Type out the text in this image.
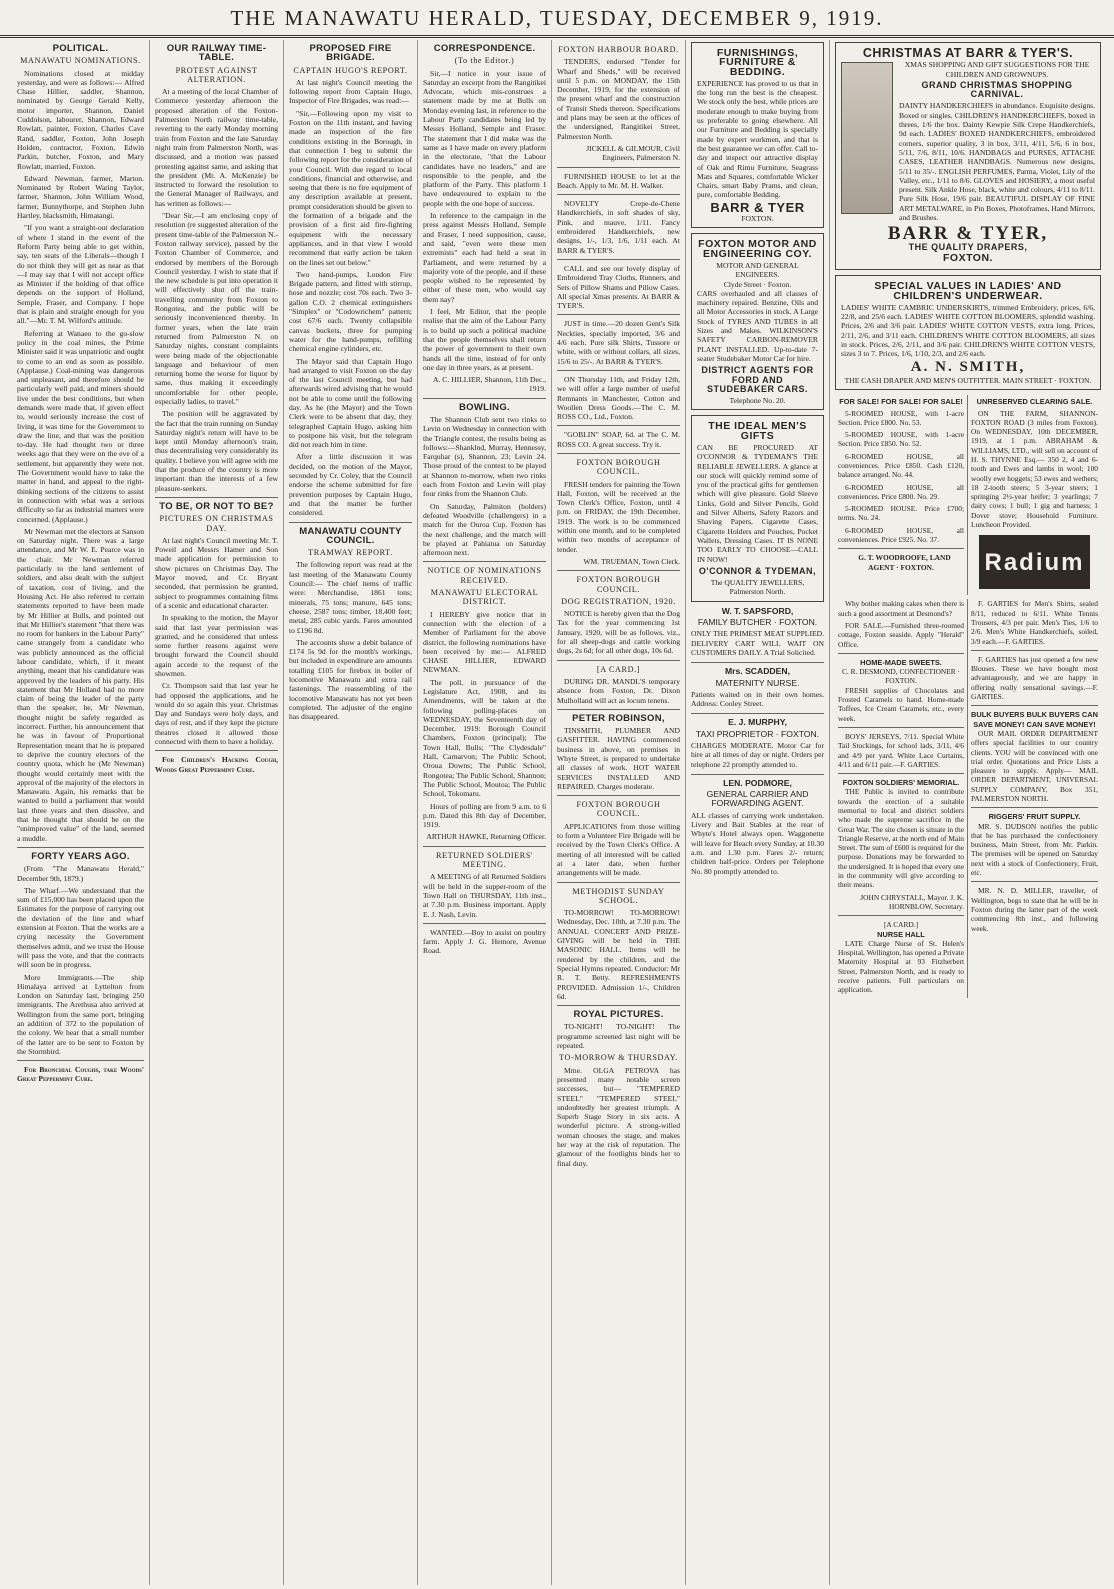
THE MANAWATU HERALD, TUESDAY, DECEMBER 9, 1919.
POLITICAL.
MANAWATU NOMINATIONS.

Nominations closed at midday yesterday, and were as follows:— Alfred Chase Hillier, saddler, Shannon, nominated by George Gerald Kelly, motor importer, Shannon, Daniel Cuddolson, labourer, Shannon, Edward Rowlatt, painter, Foxton, Charles Cave Rand, saddler, Foxton, John Joseph Holden, contractor, Foxton, Edwin Parkin, butcher, Foxton, and Mary Rowlatt, married, Foxton.

Edward Newman, farmer, Marton. Nominated by Robert Waring Taylor, farmer, Shannon, John William Wood, farmer, Bunnythorpe, and Stephen John Hartley, blacksmith, Himatangi.

"If you want a straight-out declaration of where I stand in the event of the Reform Party being able to get within, say, ten seats of the Liberals—though I do not think they will get as near as that—I may say that I will not accept office as Minister if the holding of that office depends on the support of Holland, Semple, Fraser, and Company. I hope that is plain and straight enough for you all."—Mr. T. M. Wilford's attitude.

Referring at Wanaeo to the go-slow policy in the coal mines, the Prime Minister said it was unpatriotic and ought to come to an end as soon as possible. (Applause.) Coal-mining was dangerous and unpleasant, and therefore should be particularly well paid, and miners should live under the best conditions, but when demands were made that, if given effect to, would seriously increase the cost of living, it was time for the Government to draw the line, and that was the position to-day. He had thought two or three weeks ago that they were on the eve of a settlement, but apparently they were not. The Government would have to take the matter in hand, and appeal to the right-thinking sections of the citizens to assist in connection with what was a serious difficulty so far as industrial matters were concerned. (Applause.)

Mr Newman met the electors at Sanson on Saturday night. There was a large attendance, and Mr W. E. Pearce was in the chair. Mr Newman referred particularly to the land settlement of soldiers, and also dealt with the subject of taxation, cost of living, and the Housing Act. He also referred to certain statements reported to have been made by Mr Hillier at Bulls, and pointed out that Mr Hillier's statement "that there was no room for bankers in the Labour Party" came strangely from a candidate who was publicly announced as the official labour candidate, which, if it meant anything, meant that his candidature was approved by the leaders of his party. His statement that Mr Holland had no more claim of being the leader of the party than the speaker, he, Mr Newman, thought might be safely regarded as incorrect. Further, his announcement that he was in favour of Proportional Representation meant that he is prepared to deprive the country electors of the country quota, which he (Mr Newman) thought would certainly meet with the approval of the majority of the electors in Manawatu. Again, his remarks that he wanted to build a parliament that would last three years and then dissolve, and that he thought that should be on the "unimproved value" of the land, seemed a muddle.

FORTY YEARS AGO.

(From "The Manawatu Herald," December 9th, 1879.)

The Wharf.—We understand that the sum of £15,000 has been placed upon the Estimates for the purpose of carrying out the deviation of the line and wharf extension at Foxton. That the works are a crying necessity the Government themselves admit, and we trust the House will pass the vote, and that the contracts will soon be in progress.

More Immigrants.—The ship Himalaya arrived at Lyttelton from London on Saturday last, bringing 250 immigrants. The Arethusa also arrived at Wellington from the same port, bringing an addition of 372 to the population of the colony. We hear that a small number of the latter are to be sent to Foxton by the Stormbird.

For Bronchial Coughs, take Woods' Great Peppermint Cure.

OUR RAILWAY TIME-TABLE.
PROTEST AGAINST ALTERATION.

At a meeting of the local Chamber of Commerce yesterday afternoon the proposed alteration of the Foxton-Palmerston North railway time-table, reverting to the early Monday morning train from Foxton and the late Saturday night train from Palmerston North, was discussed, and a motion was passed protesting against same, and asking that the president (Mr. A. McKenzie) be instructed to forward the resolution to the General Manager of Railways, and has written as follows:—

"Dear Sir,—I am enclosing copy of resolution (re suggested alteration of the present time-table of the Palmerston N.-Foxton railway service), passed by the Foxton Chamber of Commerce, and endorsed by members of the Borough Council yesterday. I wish to state that if the new schedule is put into operation it will effectively shut off the train-travelling community from Foxton to Rongotea, and the public will be seriously inconvenienced thereby. In former years, when the late train returned from Palmerston N. on Saturday nights, constant complaints were being made of the objectionable language and behaviour of men returning home the worse for liquor by same, thus making it exceedingly uncomfortable for other people, especially ladies, to travel."

The position will be aggravated by the fact that the train running on Sunday Saturday night's return will have to be kept until Monday afternoon's train, thus decentralising very considerably its quality. I believe you will agree with me that the produce of the country is more important than the interests of a few pleasure-seekers.

TO BE, OR NOT TO BE?
PICTURES ON CHRISTMAS DAY.

At last night's Council meeting Mr. T. Poweil and Messrs Hamer and Son made application for permission to show pictures on Christmas Day. The Mayor moved, and Cr. Bryant seconded, that permission be granted, subject to programmes containing films of a scenic and educational character.

In speaking to the motion, the Mayor said that last year permission was granted, and he considered that unless some further reasons against were brought forward the Council should again accede to the request of the showmen.

Cr. Thompson said that last year he had opposed the applications, and he would do so again this year. Christmas Day and Sundays were holy days, and days of rest, and if they kept the picture theatres closed it allowed those connected with them to have a holiday.

For Children's Hacking Cough, Woods Great Peppermint Cure.

PROPOSED FIRE BRIGADE.
CAPTAIN HUGO'S REPORT.

At last night's Council meeting the following report from Captain Hugo, Inspector of Fire Brigades, was read:—

"Sir,—Following upon my visit to Foxton on the 11th instant, and having made an inspection of the fire conditions existing in the Borough, in that connection I beg to submit the following report for the consideration of your Council. With due regard to local conditions, financial and otherwise, and seeing that there is no fire equipment of any description available at present, prompt consideration should be given to the formation of a brigade and the provision of a first aid fire-fighting equipment with the necessary appliances, and in that view I would recommend that early action be taken on the lines set out below."

Two hand-pumps, London Fire Brigade pattern, and fitted with stirrup, hose and nozzle; cost 70s each. Two 3-gallon C.O. 2 chemical extinguishers "Simplex" or "Codowrichem" pattern; cost 67/6 each. Twenty collapsible canvas buckets, three for pumping water for the hand-pumps, refilling chemical engine cylinders, etc.

The Mayor said that Captain Hugo had arranged to visit Foxton on the day of the last Council meeting, but had afterwards wired advising that he would not be able to come until the following day. As he (the Mayor) and the Town Clerk were to be absent that day, they telegraphed Captain Hugo, asking him to postpone his visit, but the telegram did not reach him in time.

After a little discussion it was decided, on the motion of the Mayor, seconded by Cr. Coley, that the Council endorse the scheme submitted for fire prevention purposes by Captain Hugo, and that the matter be further considered.

MANAWATU COUNTY COUNCIL.
TRAMWAY REPORT.

The following report was read at the last meeting of the Manawatu County Council:— The chief items of traffic were: Merchandise, 1861 tons; minerals, 75 tons; manure, 645 tons; cheese, 2587 tons; timber, 18,400 feet; metal, 285 cubic yards. Fares amounted to £196 8d.

The accounts show a debit balance of £174 5s 9d for the month's workings, but included in expenditure are amounts totalling £105 for firebox in boiler of locomotive Manawatu and extra rail fastenings. The reassembling of the locomotive Manawatu has not yet been completed. The adjuster of the engine has disappeared.

CORRESPONDENCE.
(To the Editor.)

Sir,—I notice in your issue of Saturday an excerpt from the Rangitikei Advocate, which mis-construes a statement made by me at Bulls on Monday evening last, in reference to the Labour Party candidates being led by Messrs Holland, Semple and Fraser. The statement that I did make was the same as I have made on every platform in the electorate, "that the Labour candidates have no leaders," and are responsible to the people, and the platform of the Party. This platform I have endeavoured to explain to the people with the one hope of success.

In reference to the campaign in the press against Messrs Holland, Semple and Fraser, I need supposition, cause, and said, "even were these men extremists" each had held a seat in Parliament, and were returned by a majority vote of the people, and if these people wished to be represented by either of these men, who would say them nay?

I feel, Mr Editor, that the people realise that the aim of the Labour Party is to build up such a political machine that the people themselves shall return the power of government to their own hands all the time, instead of for only one day in three years, as at present.

A. C. HILLIER, Shannon, 11th Dec., 1919.

BOWLING.

The Shannon Club sent two rinks to Levin on Wednesday in connection with the Triangle contest, the results being as follows:—Shanklnd, Murray, Hennessy, Farquhar (s), Shannon, 23; Levin 24. Those proud of the contest to be played at Shannon to-morrow, when two rinks each from Foxton and Levin will play four rinks from the Shannon Club.

On Saturday, Palmiton (holders) defeated Woodville (challengers) in a match for the Ouroa Cup. Foxton has the next challenge, and the match will be played at Pahiatua on Saturday afternoon next.

NOTICE OF NOMINATIONS RECEIVED.
MANAWATU ELECTORAL DISTRICT.

I HEREBY give notice that in connection with the election of a Member of Parliament for the above district, the following nominations have been received by me:— ALFRED CHASE HILLIER, EDWARD NEWMAN.

The poll, in pursuance of the Legislature Act, 1908, and its Amendments, will be taken at the following polling-places on WEDNESDAY, the Seventeenth day of December, 1919: Borough Council Chambers, Foxton (principal); The Town Hall, Bulls; "The Clydesdale" Hall, Carnarvon; The Public School, Oroua Downs; The Public School, Rongotea; The Public School, Shannon; The Public School, Moutoa; The Public School, Tokomaru.

Hours of polling are from 9 a.m. to 6 p.m. Dated this 8th day of December, 1919.

ARTHUR HAWKE, Returning Officer.

RETURNED SOLDIERS' MEETING.

A MEETING of all Returned Soldiers will be held in the supper-room of the Town Hall on THURSDAY, 11th inst., at 7.30 p.m. Business important. Apply E. J. Nash, Levin.

WANTED.—Boy to assist on poultry farm. Apply J. G. Hemore, Avenue Road.

FOXTON HARBOUR BOARD.

TENDERS, endorsed "Tender for Wharf and Sheds," will be received until 5 p.m. on MONDAY, the 15th December, 1919, for the extension of the present wharf and the construction of Transit Sheds thereon. Specifications and plans may be seen at the offices of the undersigned, Rangitikei Street, Palmerston North.

JICKELL & GILMOUR, Civil Engineers, Palmerston N.

FURNISHED HOUSE to let at the Beach. Apply to Mr. M. H. Walker.

NOVELTY Crepe-de-Chene Handkerchiefs, in soft shades of sky, Pink, and mauve, 1/11. Fancy embroidered Handkerchiefs, new designs, 1/-, 1/3, 1/6, 1/11 each. At BARR & TYER'S.

CALL and see our lovely display of Embroidered Tray Cloths, Runners, and Sets of Pillow Shams and Pillow Cases. All special Xmas presents. At BARR & TYER'S.

JUST in time.—20 dozen Gent's Silk Neckties, specially imported, 3/6 and 4/6 each. Pure silk Shirts, Tussore or white, with or without collars, all sizes, 15/6 to 25/-. At BARR & TYER'S.

ON Thursday 11th, and Friday 12th, we will offer a large number of useful Remnants in Manchester, Cotton and Woollen Dress Goods.—The C. M. ROSS CO., Ltd., Foxton.

"GOBLIN" SOAP, 6d. at The C. M. ROSS CO. A great success. Try it.

FOXTON BOROUGH COUNCIL.

FRESH tenders for painting the Town Hall, Foxton, will be received at the Town Clerk's Office, Foxton, until 4 p.m. on FRIDAY, the 19th December, 1919. The work is to be commenced within one month, and to be completed within two months of acceptance of tender.

WM. TRUEMAN, Town Clerk.

FOXTON BOROUGH COUNCIL.
DOG REGISTRATION, 1920.

NOTICE is hereby given that the Dog Tax for the year commencing 1st January, 1920, will be as follows, viz., for all sheep-dogs and cattle working dogs, 2s 6d; for all other dogs, 10s 6d.

[A CARD.]

DURING DR. MANDL'S temporary absence from Foxton, Dr. Dixon Mulholland will act as locum tenens.

PETER ROBINSON,

TINSMITH, PLUMBER AND GASFITTER. HAVING commenced business in above, on premises in Whyte Street, is prepared to undertake all classes of work. HOT WATER SERVICES INSTALLED AND REPAIRED. Charges moderate.

FOXTON BOROUGH COUNCIL.

APPLICATIONS from those willing to form a Volunteer Fire Brigade will be received by the Town Clerk's Office. A meeting of all interested will be called at a later date, when further arrangements will be made.

METHODIST SUNDAY SCHOOL.

TO-MORROW! TO-MORROW! Wednesday, Dec. 10th, at 7.30 p.m. The ANNUAL CONCERT AND PRIZE-GIVING will be held in THE MASONIC HALL. Items will be rendered by the children, and the Special Hymns repeated. Conductor: Mr R. T. Betty. REFRESHMENTS PROVIDED. Admission 1/-, Children 6d.

ROYAL PICTURES.

TO-NIGHT! TO-NIGHT! The programme screened last night will be repeated.

TO-MORROW & THURSDAY.

Mme. OLGA PETROVA has presented many notable screen successes, but— "TEMPERED STEEL" "TEMPERED STEEL" undoubtedly her greatest triumph. A Superb Stage Story in six acts. A wonderful picture. A strong-willed woman chooses the stage, and makes her way at the risk of reputation. The glamour of the footlights binds her to final duty.

FURNISHINGS, FURNITURE & BEDDING.

EXPERIENCE has proved to us that in the long run the best is the cheapest. We stock only the best, while prices are moderate enough to make buying from us preferable to going elsewhere. All our Furniture and Bedding is specially made by expert workmen, and that is the best guarantee we can offer. Call to-day and inspect our attractive display of Oak and Rimu Furniture, Seagrass Mats and Squares, comfortable Wicker Chairs, smart Baby Prams, and clean, pure, comfortable Bedding.

BARR & TYER
FOXTON.
FOXTON MOTOR AND ENGINEERING COY.
MOTOR AND GENERAL ENGINEERS.
Clyde Street · Foxton.

CARS overhauled and all classes of machinery repaired. Benzine, Oils and all Motor Accessories in stock. A Large Stock of TYRES AND TUBES in all Sizes and Makes. WILKINSON'S SAFETY CARBON-REMOVER PLANT INSTALLED. Up-to-date 7-seater Studebaker Motor Car for hire.

DISTRICT AGENTS FOR FORD AND STUDEBAKER CARS.
Telephone No. 20.
THE IDEAL MEN'S GIFTS

CAN BE PROCURED AT O'CONNOR & TYDEMAN'S THE RELIABLE JEWELLERS. A glance at our stock will quickly remind some of you of the practical gifts for gentlemen which will give pleasure. Gold Sleeve Links, Gold and Silver Pencils, Gold and Silver Alberts, Safety Razors and Shaving Papers, Cigarette Cases, Cigarette Holders and Pouches, Pocket Wallets, Dressing Cases. IT IS NONE TOO EARLY TO CHOOSE—CALL IN NOW!

O'CONNOR & TYDEMAN,
The QUALITY JEWELLERS, Palmerston North.
W. T. SAPSFORD,
FAMILY BUTCHER · FOXTON.

ONLY THE PRIMEST MEAT SUPPLIED. DELIVERY CART WILL WAIT ON CUSTOMERS DAILY. A Trial Solicited.

Mrs. SCADDEN,
MATERNITY NURSE.

Patients waited on in their own homes. Address: Cooley Street.

E. J. MURPHY,
TAXI PROPRIETOR · FOXTON.

CHARGES MODERATE. Motor Car for hire at all times of day or night. Orders per telephone 22 promptly attended to.

LEN. PODMORE,
GENERAL CARRIER AND FORWARDING AGENT.

ALL classes of carrying work undertaken. Livery and Bait Stables at the rear of Whyte's Hotel always open. Waggonette will leave for Beach every Sunday, at 10.30 a.m. and 1.30 p.m. Fares 2/- return; children half-price. Orders per Telephone No. 80 promptly attended to.

CHRISTMAS AT BARR & TYER'S.
XMAS SHOPPING AND GIFT SUGGESTIONS FOR THE CHILDREN AND GROWNUPS.
GRAND CHRISTMAS SHOPPING CARNIVAL.

DAINTY HANDKERCHIEFS in abundance. Exquisite designs. Boxed or singles. CHILDREN'S HANDKERCHIEFS, boxed in threes, 1/6 the box. Dainty Kewpie Silk Crepe Handkerchiefs, 9d each. LADIES' BOXED HANDKERCHIEFS, embroidered corners, superior quality, 3 in box, 3/11, 4/11, 5/6, 6 in box, 5/11, 7/6, 8/11, 10/6. HANDBAGS and PURSES, ATTACHE CASES, LEATHER HANDBAGS. Numerous new designs, 5/11 to 35/-. ENGLISH PERFUMES, Parma, Violet, Lily of the Valley, etc., 1/11 to 8/6. GLOVES and HOSIERY, a most useful present. Silk Ankle Hose, black, white and colours, 4/11 to 8/11. Pure Silk Hose, 19/6 pair. BEAUTIFUL DISPLAY OF FINE ART METALWARE, in Pin Boxes, Photoframes, Hand Mirrors, and Brushes.

BARR & TYER,
THE QUALITY DRAPERS,
FOXTON.
SPECIAL VALUES IN LADIES' AND CHILDREN'S UNDERWEAR.

LADIES' WHITE CAMBRIC UNDERSKIRTS, trimmed Embroidery, prices, 6/6, 22/8, and 25/6 each. LADIES' WHITE COTTON BLOOMERS, splendid washing. Prices, 2/6 and 3/6 pair. LADIES' WHITE COTTON VESTS, extra long. Prices, 2/11, 2/6, and 3/11 each. CHILDREN'S WHITE COTTON BLOOMERS, all sizes in stock. Prices, 2/6, 2/11, and 3/6 pair. CHILDREN'S WHITE COTTON VESTS, sizes 3 to 7. Prices, 1/6, 1/10, 2/3, and 2/6 each.

A. N. SMITH,
THE CASH DRAPER AND MEN'S OUTFITTER. MAIN STREET · FOXTON.
FOR SALE! FOR SALE! FOR SALE!

5-ROOMED HOUSE, with 1-acre Section. Price £800. No. 53.

5-ROOMED HOUSE, with 1-acre Section. Price £850. No. 52.

6-ROOMED HOUSE, all conveniences. Price £850. Cash £120, balance arranged. No. 44.

6-ROOMED HOUSE, all conveniences. Price £800. No. 29.

5-ROOMED HOUSE. Price £700; terms. No. 24.

6-ROOMED HOUSE, all conveniences. Price £925. No. 37.

G. T. WOODROOFE, LAND AGENT · FOXTON.

UNRESERVED CLEARING SALE.

ON THE FARM, SHANNON-FOXTON ROAD (3 miles from Foxton). On WEDNESDAY, 10th DECEMBER, 1919, at 1 p.m. ABRAHAM & WILLIAMS, LTD., will sell on account of H. S. THYNNE Esq.— 350 2, 4 and 6-tooth and Ewes and lambs in wool; 100 woolly ewe hoggets; 53 ewes and wethers; 18 2-tooth steers; 5 3-year steers; 1 springing 2½-year heifer; 3 yearlings; 7 dairy cows; 1 bull; 1 gig and harness; 1 Dover stove; Household Furniture. Luncheon Provided.

Radium

Why bother making cakes when there is such a good assortment at Desmond's?

FOR SALE.—Furnished three-roomed cottage, Foxton seaside. Apply "Herald" Office.

HOME-MADE SWEETS.
C. R. DESMOND, CONFECTIONER · FOXTON.

FRESH supplies of Chocolates and Frosted Caramels to hand. Home-made Toffees, Ice Cream Caramels, etc., every week.

BOYS' JERSEYS, 7/11. Special White Tail Stockings, for school lads, 3/11, 4/6 and 4/9 per yard. White Lace Curtains, 4/11 and 6/11 pair.—F. GARTIES.

FOXTON SOLDIERS' MEMORIAL.

THE Public is invited to contribute towards the erection of a suitable memorial to local and district soldiers who made the supreme sacrifice in the Great War. The site chosen is situate in the Triangle Reserve, at the north end of Main Street. The sum of £600 is required for the purpose. Donations may be forwarded to the undersigned. It is hoped that every one in the community will give according to their means.

JOHN CHRYSTALL, Mayor. J. K. HORNBLOW, Secretary.

[A CARD.]
NURSE HALL

LATE Charge Nurse of St. Helen's Hospital, Wellington, has opened a Private Maternity Hospital at 93 Fitzherbert Street, Palmerston North, and is ready to receive patients. Full particulars on application.

F. GARTIES for Men's Shirts, sealed 8/11, reduced to 6/11. White Tennis Trousers, 4/3 per pair. Men's Ties, 1/6 to 2/6. Men's White Handkerchiefs, soiled, 3/9 each.—F. GARTIES.

F. GARTIES has just opened a few new Blouses. These we have bought most advantageously, and we are happy in offering really sensational savings.—F. GARTIES.

BULK BUYERS BULK BUYERS CAN SAVE MONEY! CAN SAVE MONEY!

OUR MAIL ORDER DEPARTMENT offers special facilities to our country clients. YOU will be convinced with one trial order. Quotations and Price Lists a pleasure to supply. Apply— MAIL ORDER DEPARTMENT, UNIVERSAL SUPPLY COMPANY, Box 351, PALMERSTON NORTH.

RIGGERS' FRUIT SUPPLY.

MR. S. DUDSON notifies the public that he has purchased the confectionery business, Main Street, from Mr. Parkin. The premises will be opened on Saturday next with a stock of Confectionery, Fruit, etc.

MR. N. D. MILLER, traveller, of Wellington, begs to state that he will be in Foxton during the latter part of the week commencing 8th inst., and following week.
